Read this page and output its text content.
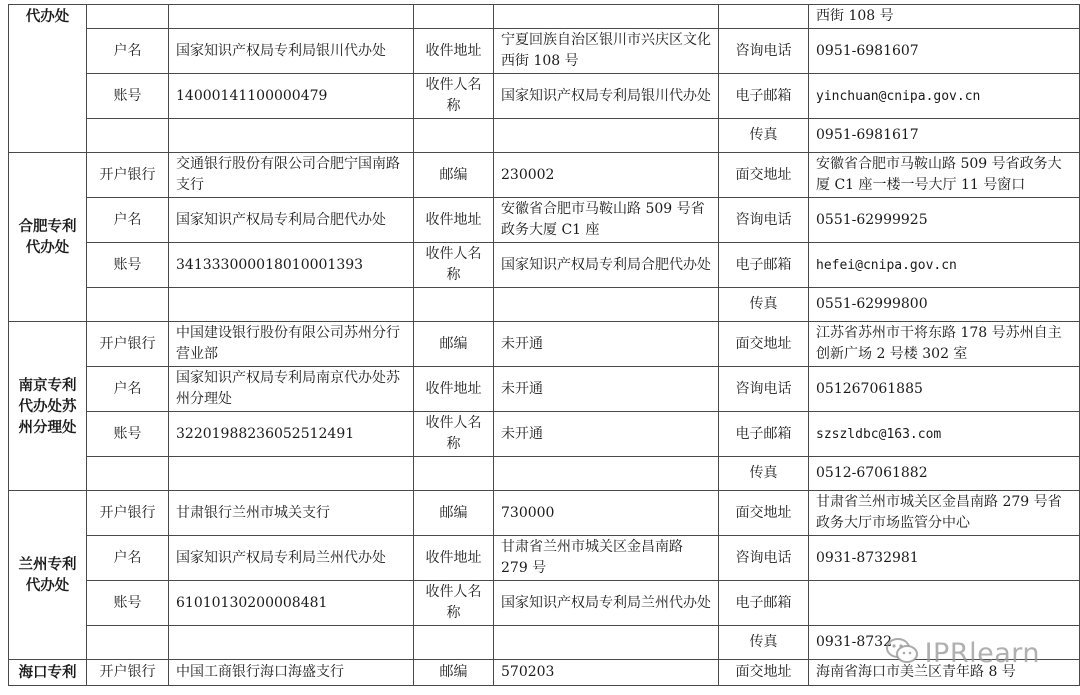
代办处						西街 108 号
	户名	国家知识产权局专利局银川代办处	收件地址	宁夏回族自治区银川市兴庆区文化西街 108 号	咨询电话	0951-6981607
	账号	14000141100000479	收件人名称	国家知识产权局专利局银川代办处	电子邮箱	yinchuan@cnipa.gov.cn
					传真	0951-6981617
合肥专利代办处	开户银行	交通银行股份有限公司合肥宁国南路支行	邮编	230002	面交地址	安徽省合肥市马鞍山路 509 号省政务大厦 C1 座一楼一号大厅 11 号窗口
	户名	国家知识产权局专利局合肥代办处	收件地址	安徽省合肥市马鞍山路 509 号省政务大厦 C1 座	咨询电话	0551-62999925
	账号	341333000018010001393	收件人名称	国家知识产权局专利局合肥代办处	电子邮箱	hefei@cnipa.gov.cn
					传真	0551-62999800
南京专利代办处苏州分理处	开户银行	中国建设银行股份有限公司苏州分行营业部	邮编	未开通	面交地址	江苏省苏州市干将东路 178 号苏州自主创新广场 2 号楼 302 室
	户名	国家知识产权局专利局南京代办处苏州分理处	收件地址	未开通	咨询电话	051267061885
	账号	32201988236052512491	收件人名称	未开通	电子邮箱	szszldbc@163.com
					传真	0512-67061882
兰州专利代办处	开户银行	甘肃银行兰州市城关支行	邮编	730000	面交地址	甘肃省兰州市城关区金昌南路 279 号省政务大厅市场监管分中心
	户名	国家知识产权局专利局兰州代办处	收件地址	甘肃省兰州市城关区金昌南路 279 号	咨询电话	0931-8732981
	账号	61010130200008481	收件人名称	国家知识产权局专利局兰州代办处	电子邮箱	
					传真	0931-8732
海口专利	开户银行	中国工商银行海口海盛支行	邮编	570203	面交地址	海南省海口市美兰区青年路 8 号
IPRlearn
